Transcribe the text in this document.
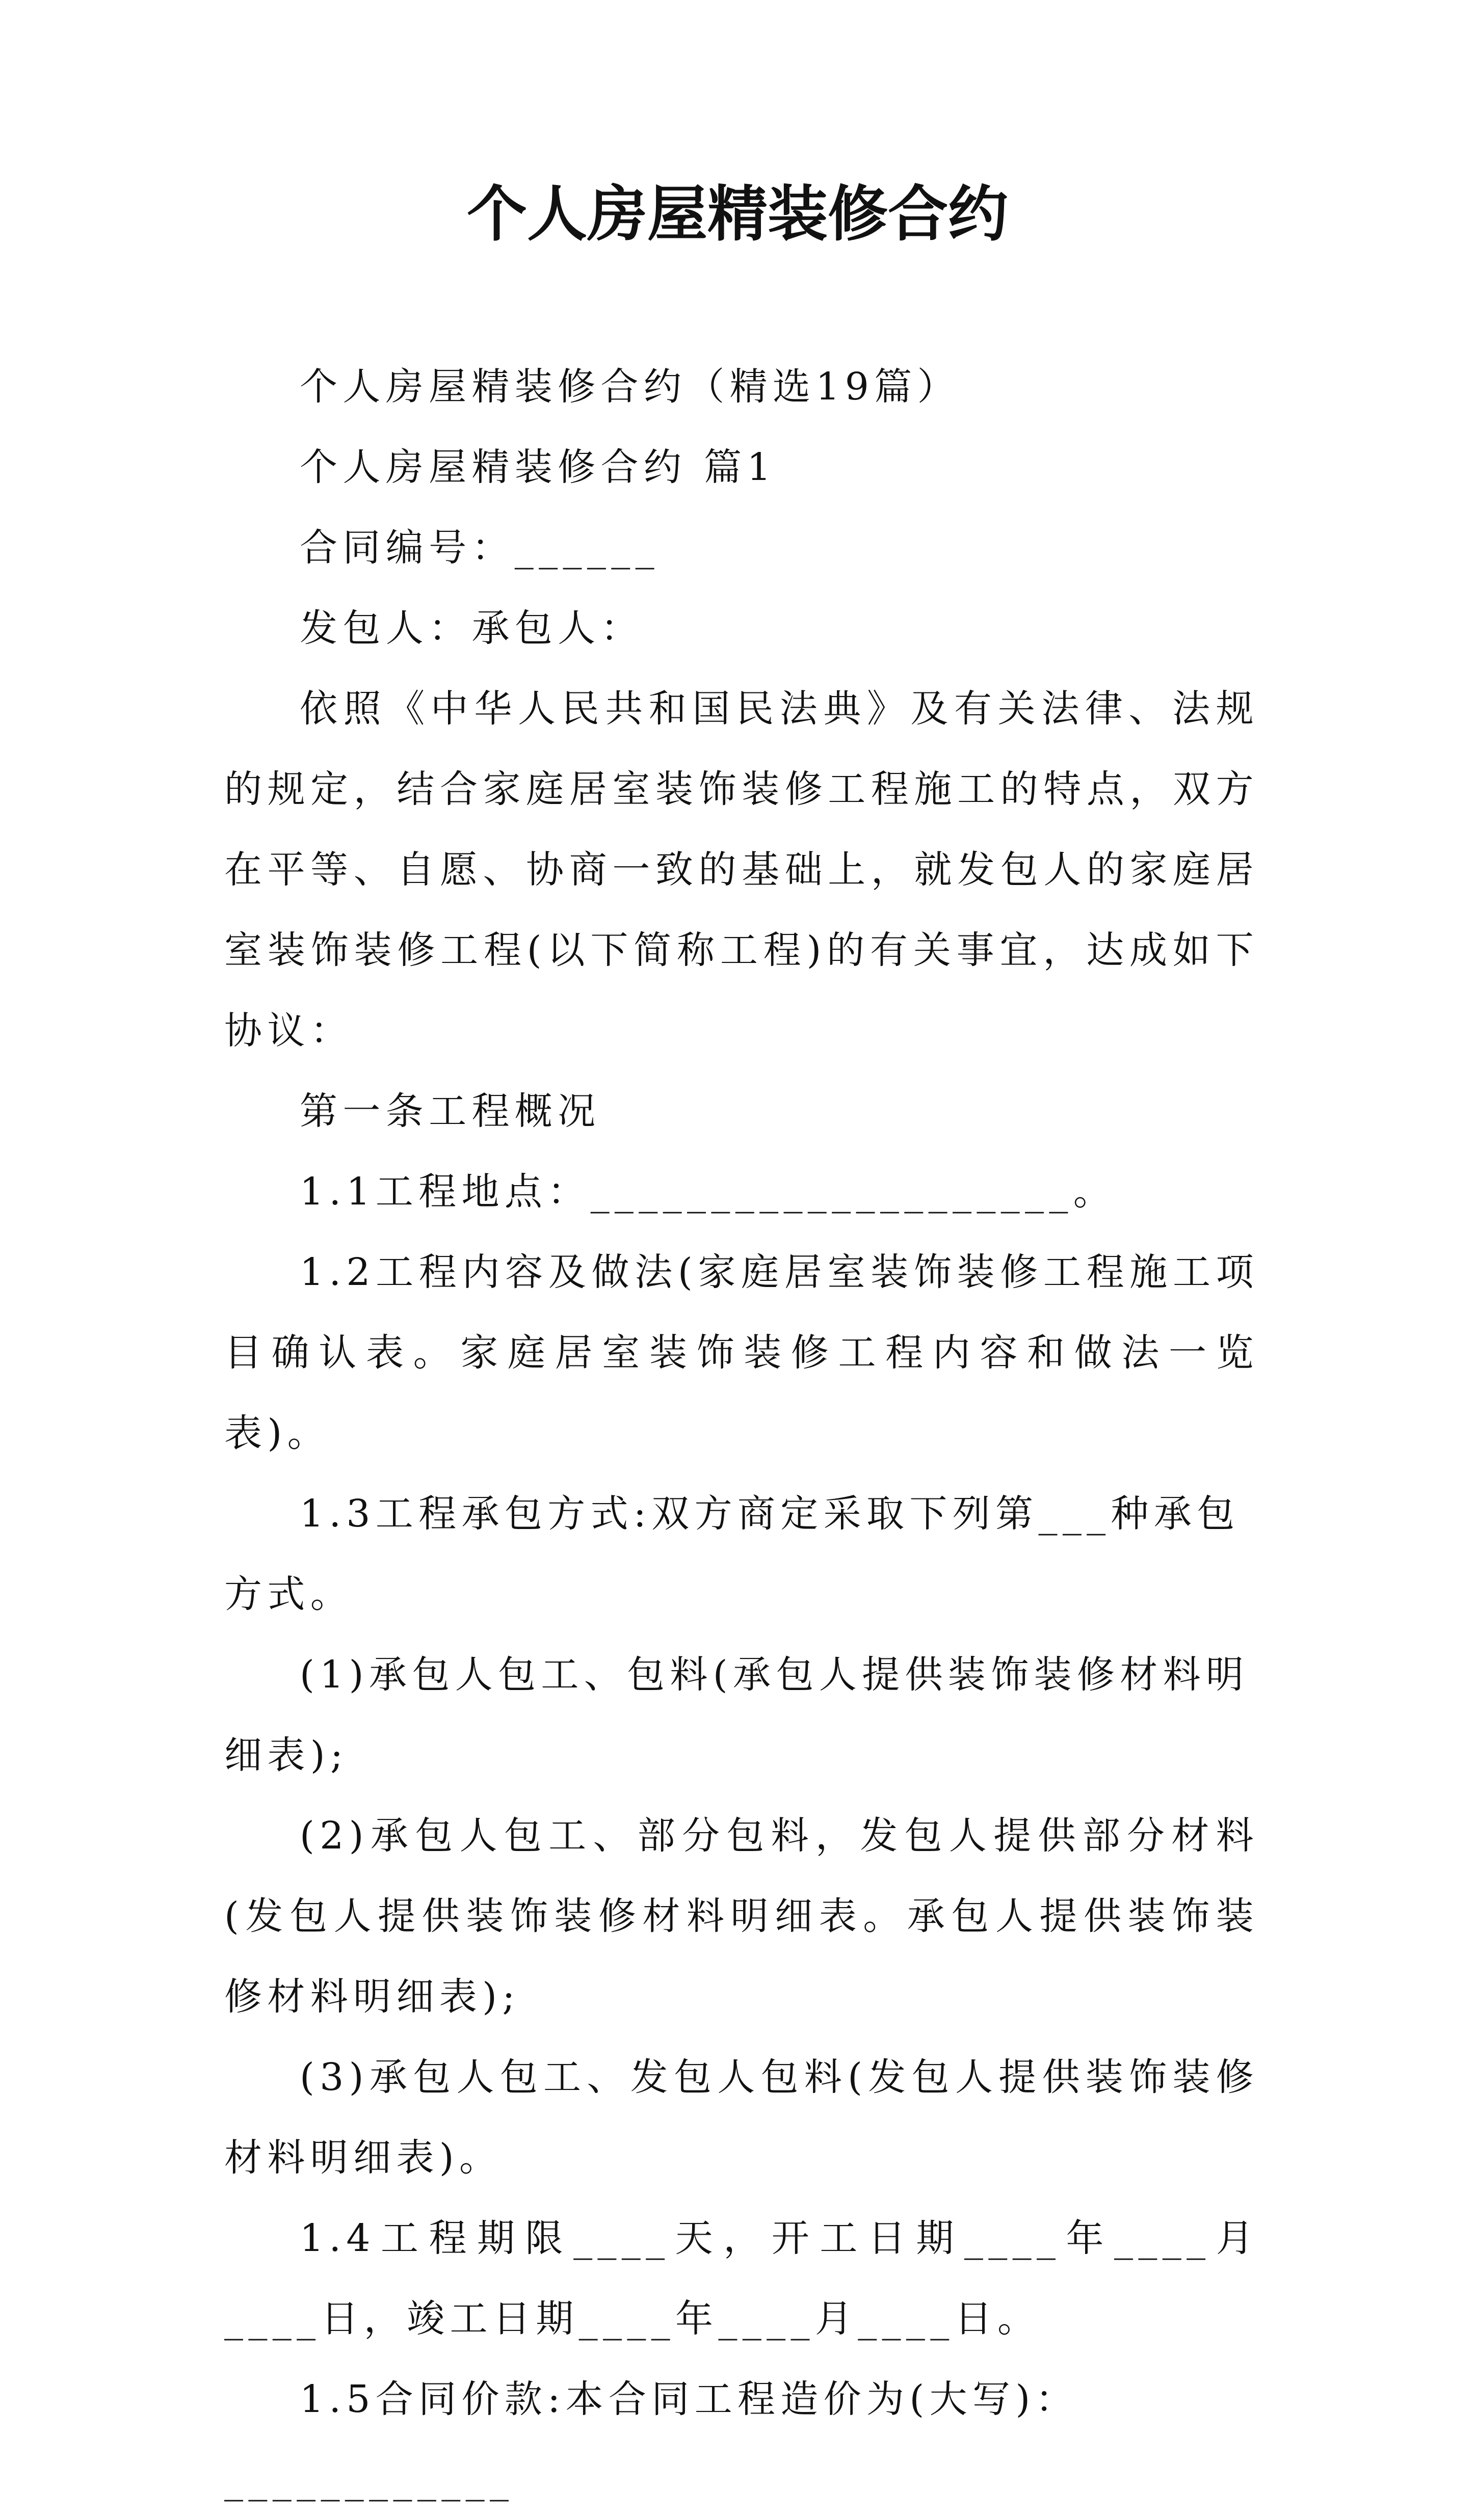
个人房屋精装修合约

个人房屋精装修合约（精选19篇）

个人房屋精装修合约 篇1

合同编号：______

发包人：承包人：

依照《中华人民共和国民法典》及有关法律、法规的规定，结合家庭居室装饰装修工程施工的特点，双方在平等、自愿、协商一致的基础上，就发包人的家庭居室装饰装修工程(以下简称工程)的有关事宜，达成如下协议：

第一条工程概况

1.1工程地点：____________________。

1.2工程内容及做法(家庭居室装饰装修工程施工项目确认表。家庭居室装饰装修工程内容和做法一览表)。

1.3工程承包方式:双方商定采取下列第___种承包方式。

(1)承包人包工、包料(承包人提供装饰装修材料明细表);

(2)承包人包工、部分包料，发包人提供部分材料(发包人提供装饰装修材料明细表。承包人提供装饰装修材料明细表);

(3)承包人包工、发包人包料(发包人提供装饰装修材料明细表)。

1.4工程期限____天，开工日期____年____月____日，竣工日期____年____月____日。

1.5合同价款:本合同工程造价为(大写)：____________
